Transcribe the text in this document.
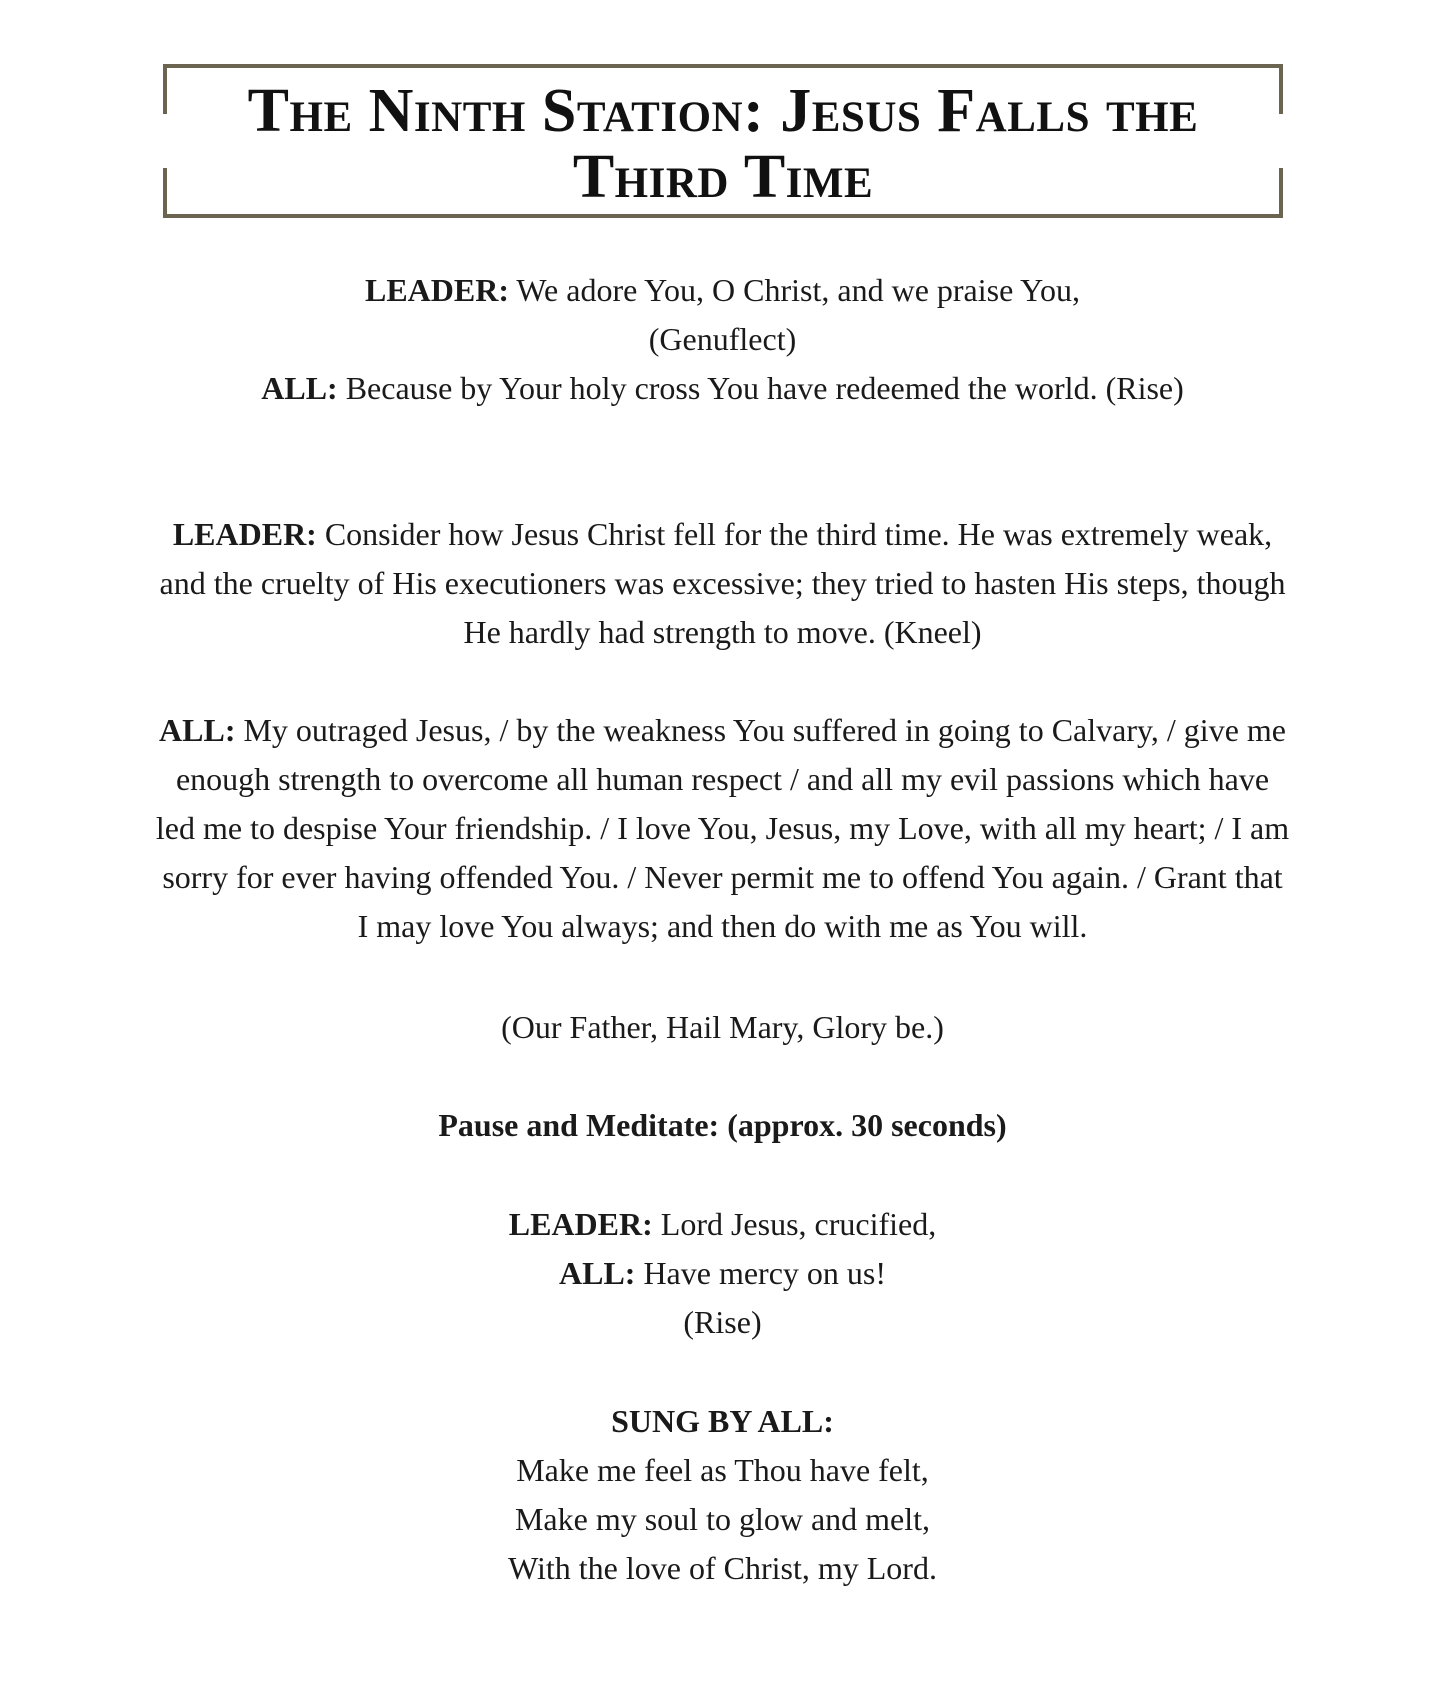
The Ninth Station: Jesus Falls the Third Time

LEADER: We adore You, O Christ, and we praise You,

(Genuflect)

ALL: Because by Your holy cross You have redeemed the world. (Rise)

LEADER: Consider how Jesus Christ fell for the third time. He was extremely weak,

and the cruelty of His executioners was excessive; they tried to hasten His steps, though

He hardly had strength to move. (Kneel)

ALL: My outraged Jesus, / by the weakness You suffered in going to Calvary, / give me

enough strength to overcome all human respect / and all my evil passions which have

led me to despise Your friendship. / I love You, Jesus, my Love, with all my heart; / I am

sorry for ever having offended You. / Never permit me to offend You again. / Grant that

I may love You always; and then do with me as You will.

(Our Father, Hail Mary, Glory be.)

Pause and Meditate: (approx. 30 seconds)

LEADER: Lord Jesus, crucified,

ALL: Have mercy on us!

(Rise)

SUNG BY ALL:

Make me feel as Thou have felt,

Make my soul to glow and melt,

With the love of Christ, my Lord.
